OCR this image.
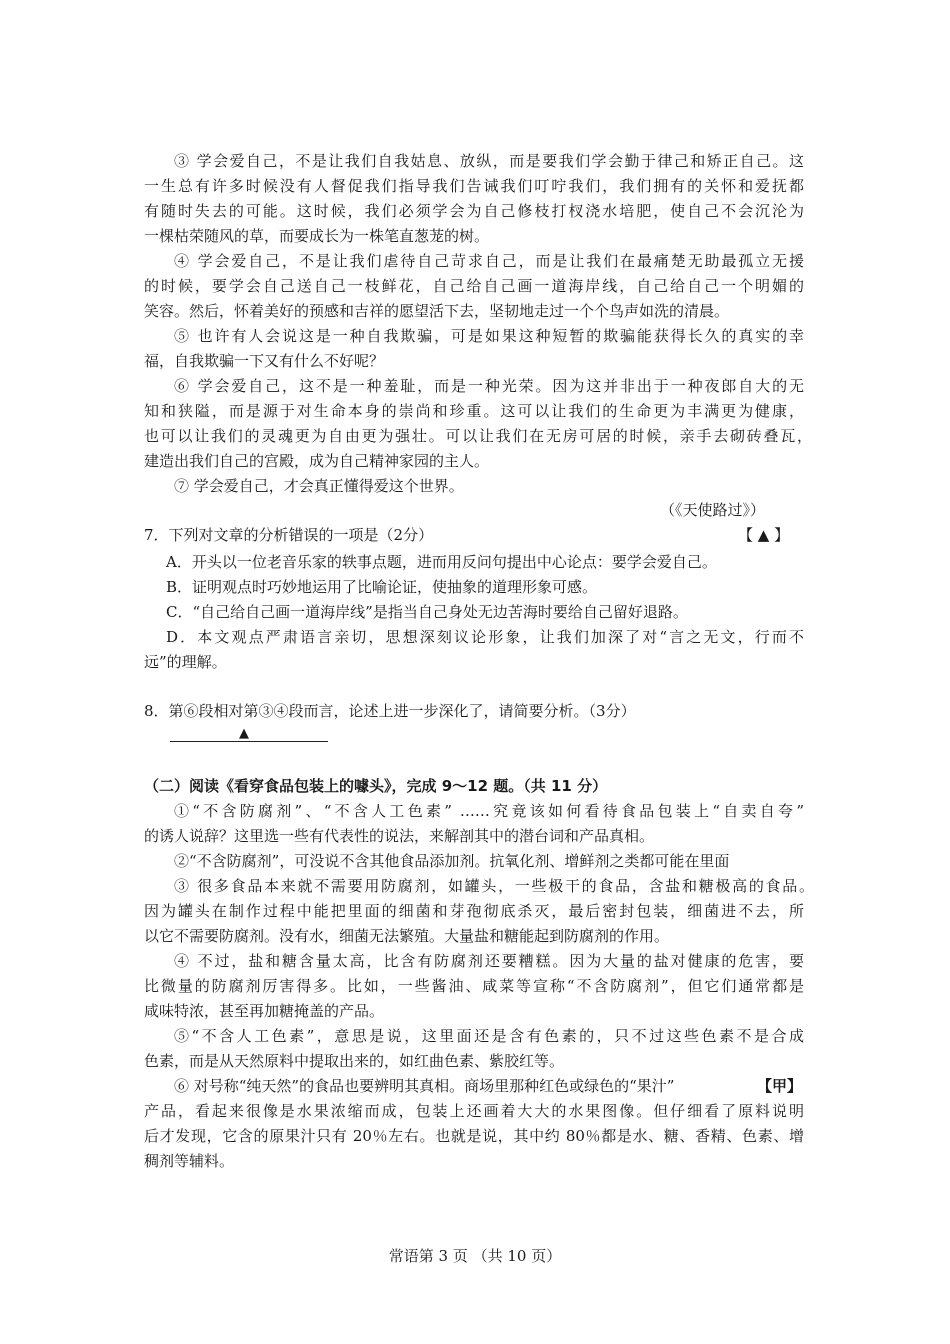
③ 学会爱自己，不是让我们自我姑息、放纵，而是要我们学会勤于律己和矫正自己。这
一生总有许多时候没有人督促我们指导我们告诫我们叮咛我们，我们拥有的关怀和爱抚都
有随时失去的可能。这时候，我们必须学会为自己修枝打杈浇水培肥，使自己不会沉沦为
一棵枯荣随风的草，而要成长为一株笔直葱茏的树。
④ 学会爱自己，不是让我们虐待自己苛求自己，而是让我们在最痛楚无助最孤立无援
的时候，要学会自己送自己一枝鲜花，自己给自己画一道海岸线，自己给自己一个明媚的
笑容。然后，怀着美好的预感和吉祥的愿望活下去，坚韧地走过一个个鸟声如洗的清晨。
⑤ 也许有人会说这是一种自我欺骗，可是如果这种短暂的欺骗能获得长久的真实的幸
福，自我欺骗一下又有什么不好呢？
⑥ 学会爱自己，这不是一种羞耻，而是一种光荣。因为这并非出于一种夜郎自大的无
知和狭隘，而是源于对生命本身的崇尚和珍重。这可以让我们的生命更为丰满更为健康，
也可以让我们的灵魂更为自由更为强壮。可以让我们在无房可居的时候，亲手去砌砖叠瓦，
建造出我们自己的宫殿，成为自己精神家园的主人。
⑦ 学会爱自己，才会真正懂得爱这个世界。
（《天使路过》）
7．下列对文章的分析错误的一项是（2分）	【 ▲ 】
A．开头以一位老音乐家的轶事点题，进而用反问句提出中心论点：要学会爱自己。
B．证明观点时巧妙地运用了比喻论证，使抽象的道理形象可感。
C．“自己给自己画一道海岸线”是指当自己身处无边苦海时要给自己留好退路。
D．本文观点严肃语言亲切，思想深刻议论形象，让我们加深了对“言之无文，行而不
远”的理解。
8．第⑥段相对第③④段而言，论述上进一步深化了，请简要分析。（3分）
▲
（二）阅读《看穿食品包装上的噱头》，完成 9～12 题。（共 11 分）
①“不含防腐剂”、“不含人工色素” ……究竟该如何看待食品包装上“自卖自夸”
的诱人说辞？这里选一些有代表性的说法，来解剖其中的潜台词和产品真相。
②“不含防腐剂”，可没说不含其他食品添加剂。抗氧化剂、增鲜剂之类都可能在里面
③ 很多食品本来就不需要用防腐剂，如罐头，一些极干的食品，含盐和糖极高的食品。
因为罐头在制作过程中能把里面的细菌和芽孢彻底杀灭，最后密封包装，细菌进不去，所
以它不需要防腐剂。没有水，细菌无法繁殖。大量盐和糖能起到防腐剂的作用。
④ 不过，盐和糖含量太高，比含有防腐剂还要糟糕。因为大量的盐对健康的危害，要
比微量的防腐剂厉害得多。比如，一些酱油、咸菜等宣称“不含防腐剂”，但它们通常都是
咸味特浓，甚至再加糖掩盖的产品。
⑤“不含人工色素”，意思是说，这里面还是含有色素的，只不过这些色素不是合成
色素，而是从天然原料中提取出来的，如红曲色素、紫胶红等。
⑥ 对号称“纯天然”的食品也要辨明其真相。商场里那种红色或绿色的“果汁”	【甲】
产品，看起来很像是水果浓缩而成，包装上还画着大大的水果图像。但仔细看了原料说明
后才发现，它含的原果汁只有 20％左右。也就是说，其中约 80％都是水、糖、香精、色素、增
稠剂等辅料。
常语第 3 页 （共 10 页）
